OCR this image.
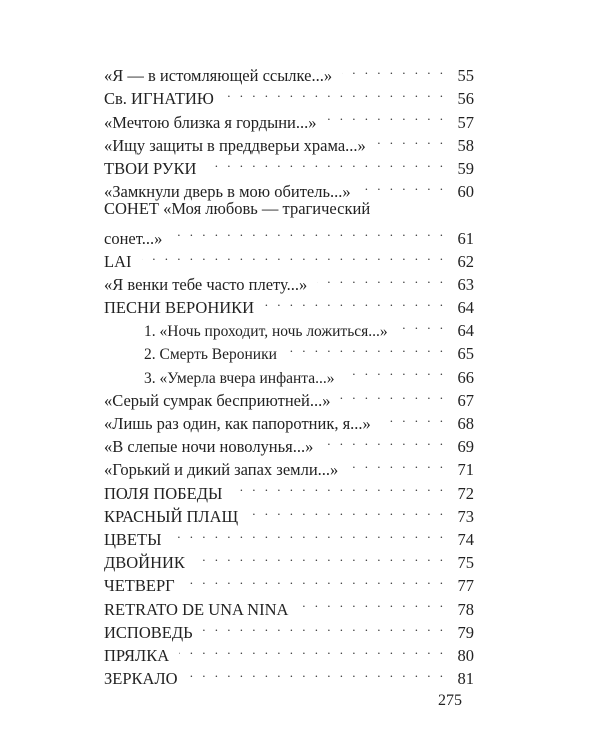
«Я — в истомляющей ссылке...» . . .	55
Св. ИГНАТИЮ . . .	56
«Мечтою близка я гордыни...» . . .	57
«Ищу защиты в преддверьи храма...» . . .	58
ТВОИ РУКИ . . .	59
«Замкнули дверь в мою обитель...» . . .	60
СОНЕТ «Моя любовь — трагический
сонет...» . . .	61
LAI . . .	62
«Я венки тебе часто плету...» . . .	63
ПЕСНИ ВЕРОНИКИ . . .	64
1. «Ночь проходит, ночь ложиться...» . . .	64
2. Смерть Вероники . . .	65
3. «Умерла вчера инфанта...» . . .	66
«Серый сумрак бесприютней...» . . .	67
«Лишь раз один, как папоротник, я...» . . .	68
«В слепые ночи новолунья...» . . .	69
«Горький и дикий запах земли...» . . .	71
ПОЛЯ ПОБЕДЫ . . .	72
КРАСНЫЙ ПЛАЩ . . .	73
ЦВЕТЫ . . .	74
ДВОЙНИК . . .	75
ЧЕТВЕРГ . . .	77
RETRATO DE UNA NINA . . .	78
ИСПОВЕДЬ . . .	79
ПРЯЛКА . . .	80
ЗЕРКАЛО . . .	81
275
